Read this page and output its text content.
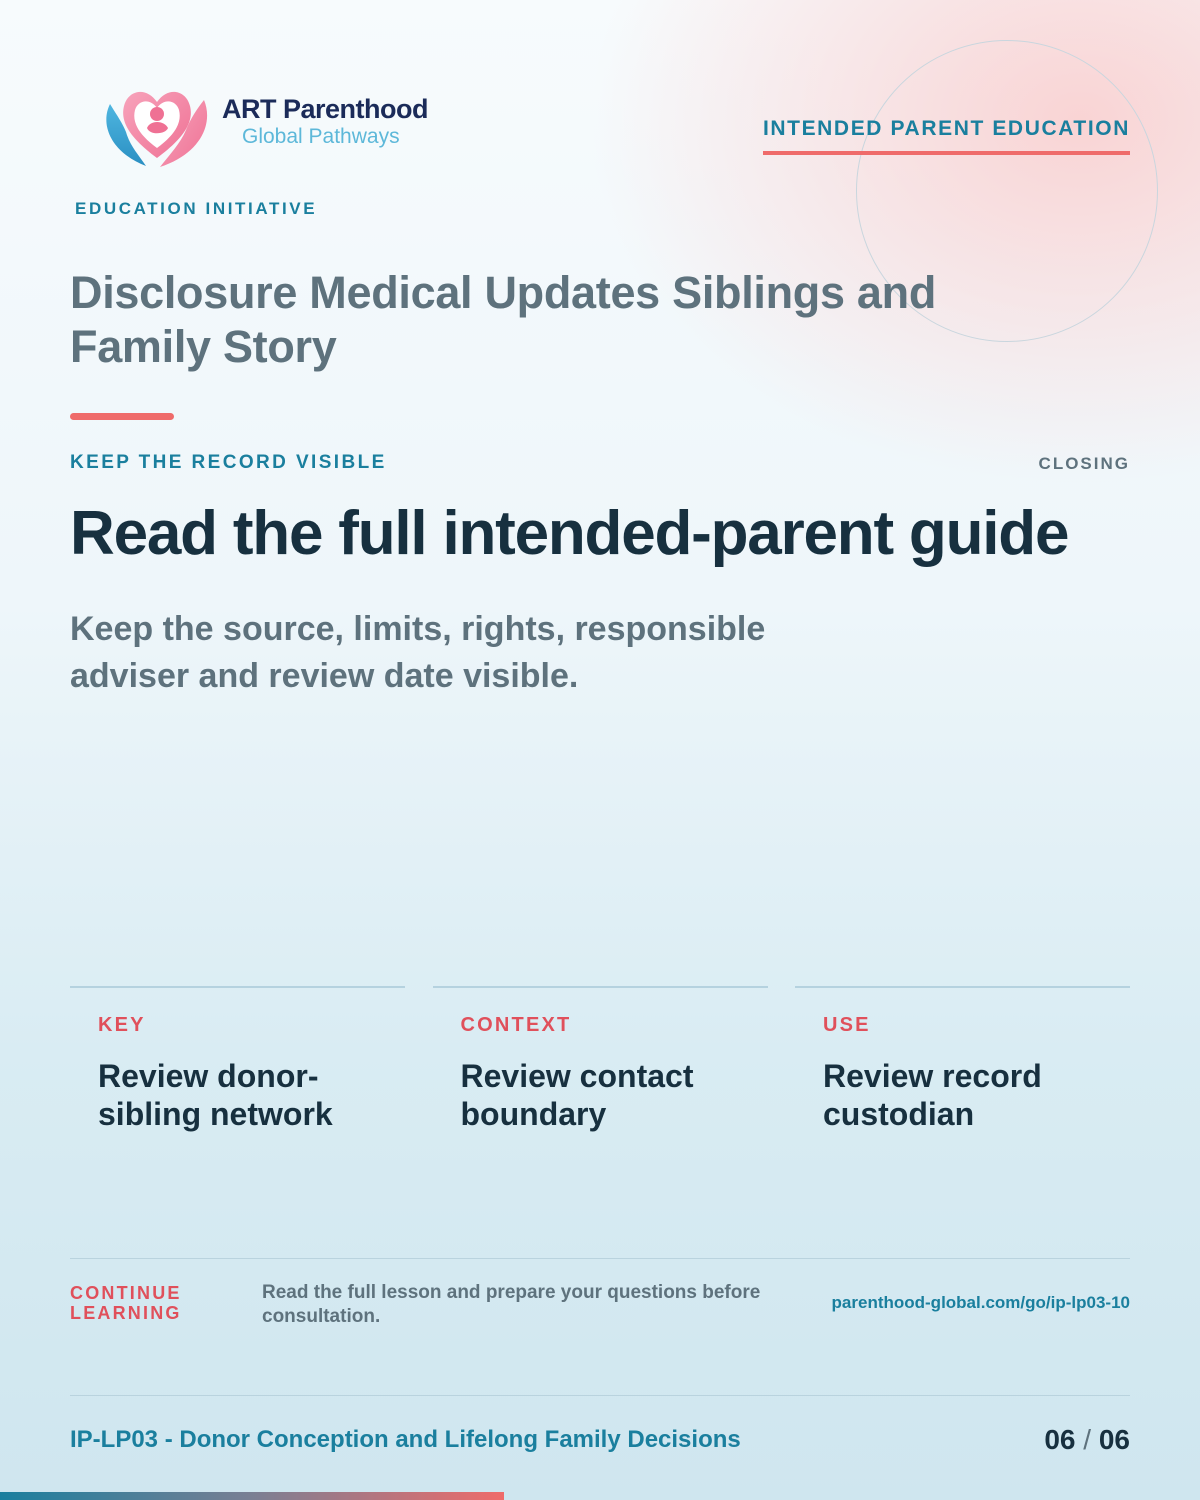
ART Parenthood
Global Pathways
EDUCATION INITIATIVE
INTENDED PARENT EDUCATION
Disclosure Medical Updates Siblings and Family Story
KEEP THE RECORD VISIBLE	CLOSING
Read the full intended-parent guide

Keep the source, limits, rights, responsible adviser and review date visible.

KEY
Review donor-sibling network
CONTEXT
Review contact boundary
USE
Review record custodian
CONTINUE LEARNING
Read the full lesson and prepare your questions before consultation.
parenthood-global.com/go/ip-lp03-10
IP-LP03 - Donor Conception and Lifelong Family Decisions	06 / 06
